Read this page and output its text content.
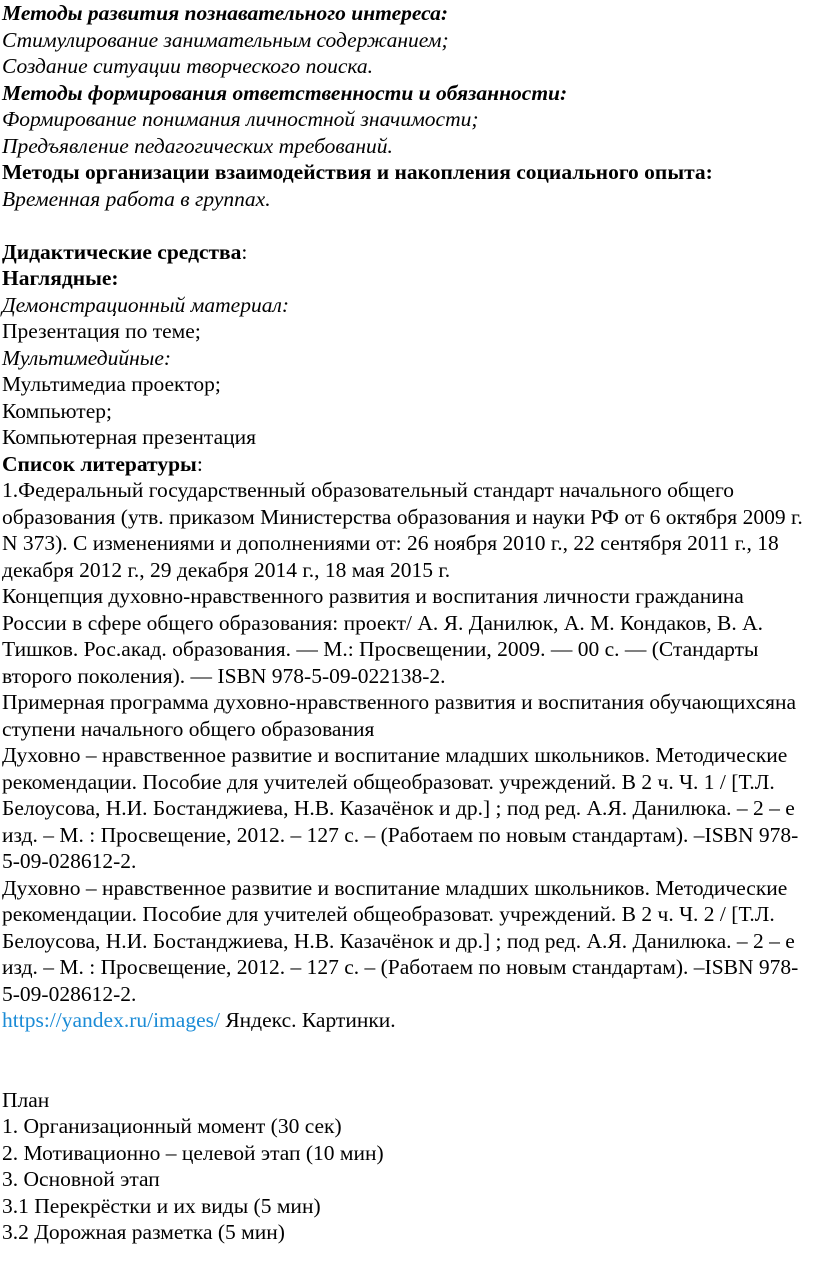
Методы развития познавательного интереса:
Стимулирование занимательным содержанием;
Создание ситуации творческого поиска.
Методы формирования ответственности и обязанности:
Формирование понимания личностной значимости;
Предъявление педагогических требований.
Методы организации взаимодействия и накопления социального опыта:
Временная работа в группах.
Дидактические средства:
Наглядные:
Демонстрационный материал:
Презентация по теме;
Мультимедийные:
Мультимедиа проектор;
Компьютер;
Компьютерная презентация
Список литературы:
1.Федеральный государственный образовательный стандарт начального общего образования (утв. приказом Министерства образования и науки РФ от 6 октября 2009 г. N 373). С изменениями и дополнениями от: 26 ноября 2010 г., 22 сентября 2011 г., 18 декабря 2012 г., 29 декабря 2014 г., 18 мая 2015 г.
Концепция духовно-нравственного развития и воспитания личности гражданина России в сфере общего образования: проект/ А. Я. Данилюк, А. М. Кондаков, В. А. Тишков. Рос.акад. образования. ― М.: Просвещении, 2009. ― 00 с. ― (Стандарты второго поколения). ― ISBN 978-5-09-022138-2.
Примерная программа духовно-нравственного развития и воспитания обучающихсяна ступени начального общего образования
Духовно – нравственное развитие и воспитание младших школьников. Методические рекомендации. Пособие для учителей общеобразоват. учреждений. В 2 ч. Ч. 1 / [Т.Л. Белоусова, Н.И. Бостанджиева, Н.В. Казачёнок и др.] ; под ред. А.Я. Данилюка. – 2 – е изд. – М. : Просвещение, 2012. – 127 с. – (Работаем по новым стандартам). –ISBN 978-5-09-028612-2.
Духовно – нравственное развитие и воспитание младших школьников. Методические рекомендации. Пособие для учителей общеобразоват. учреждений. В 2 ч. Ч. 2 / [Т.Л. Белоусова, Н.И. Бостанджиева, Н.В. Казачёнок и др.] ; под ред. А.Я. Данилюка. – 2 – е изд. – М. : Просвещение, 2012. – 127 с. – (Работаем по новым стандартам). –ISBN 978-5-09-028612-2.
https://yandex.ru/images/ Яндекс. Картинки.
План
1. Организационный момент (30 сек)
2. Мотивационно – целевой этап (10 мин)
3. Основной этап
3.1 Перекрёстки и их виды (5 мин)
3.2 Дорожная разметка (5 мин)
